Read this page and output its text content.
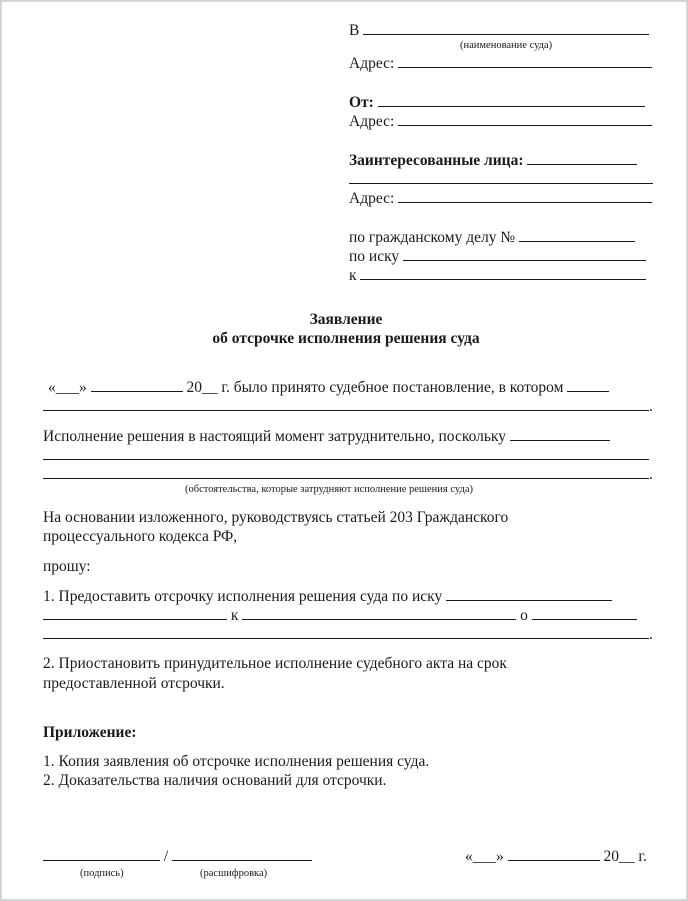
В
(наименование суда)
Адрес:
От:
Адрес:
Заинтересованные лица:
Адрес:
по гражданскому делу №
по иску
к
Заявление
об отсрочке исполнения решения суда
«___»	20__ г. было принято судебное постановление, в котором
.
Исполнение решения в настоящий момент затруднительно, поскольку
.
(обстоятельства, которые затрудняют исполнение решения суда)
На основании изложенного, руководствуясь статьей 203 Гражданского
процессуального кодекса РФ,
прошу:
1. Предоставить отсрочку исполнения решения суда по иску
к	о
.
2. Приостановить принудительное исполнение судебного акта на срок
предоставленной отсрочки.
Приложение:
1. Копия заявления об отсрочке исполнения решения суда.
2. Доказательства наличия оснований для отсрочки.
/
(подпись)	(расшифровка)
«___»	20__ г.
